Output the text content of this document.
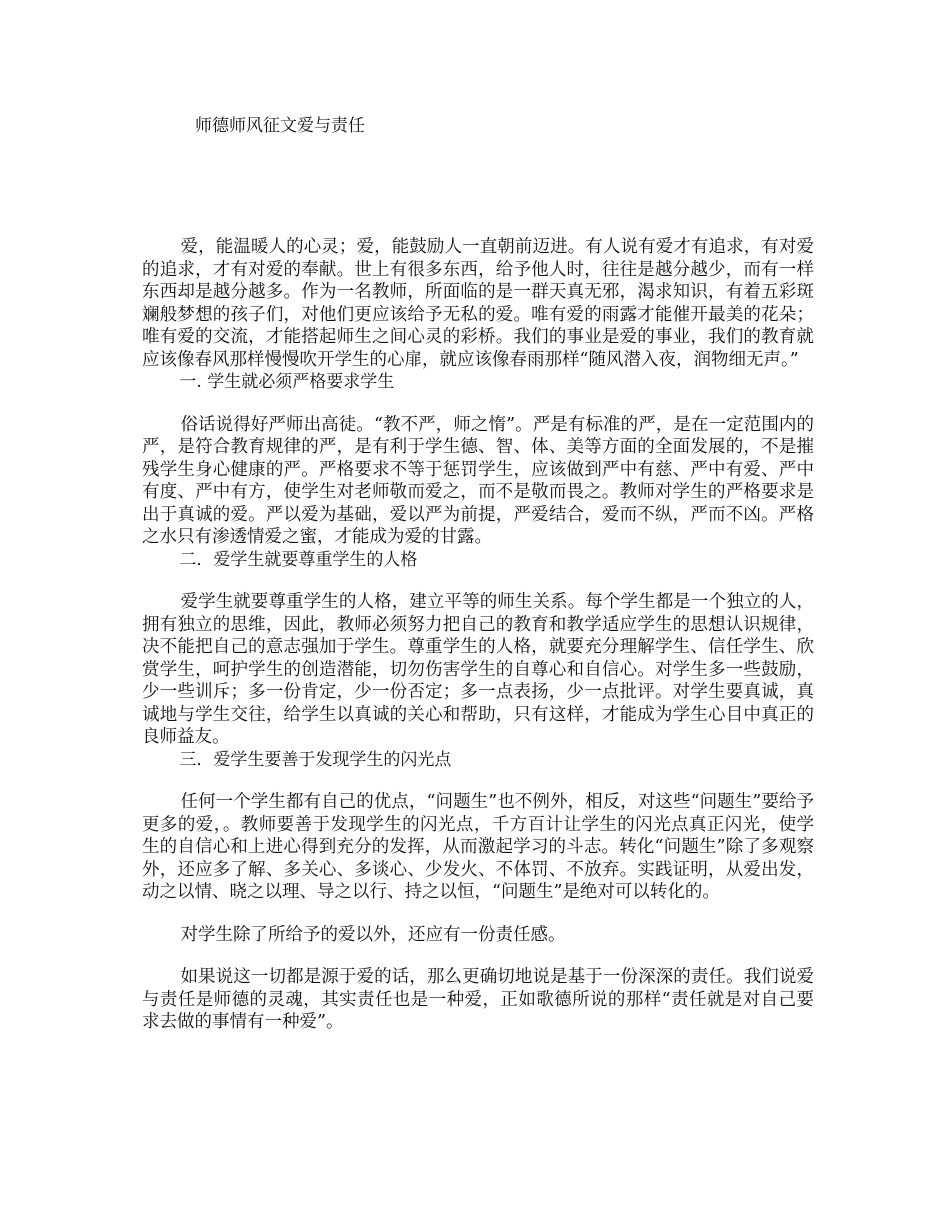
师德师风征文爱与责任

爱，能温暖人的心灵；爱，能鼓励人一直朝前迈进。有人说有爱才有追求，有对爱的追求，才有对爱的奉献。世上有很多东西，给予他人时，往往是越分越少，而有一样东西却是越分越多。作为一名教师，所面临的是一群天真无邪，渴求知识，有着五彩斑斓般梦想的孩子们，对他们更应该给予无私的爱。唯有爱的雨露才能催开最美的花朵；唯有爱的交流，才能搭起师生之间心灵的彩桥。我们的事业是爱的事业，我们的教育就应该像春风那样慢慢吹开学生的心扉，就应该像春雨那样“随风潜入夜，润物细无声。”

一. 学生就必须严格要求学生

俗话说得好严师出高徒。“教不严，师之惰”。严是有标准的严，是在一定范围内的严，是符合教育规律的严，是有利于学生德、智、体、美等方面的全面发展的，不是摧残学生身心健康的严。严格要求不等于惩罚学生，应该做到严中有慈、严中有爱、严中有度、严中有方，使学生对老师敬而爱之，而不是敬而畏之。教师对学生的严格要求是出于真诚的爱。严以爱为基础，爱以严为前提，严爱结合，爱而不纵，严而不凶。严格之水只有渗透情爱之蜜，才能成为爱的甘露。

二．爱学生就要尊重学生的人格

爱学生就要尊重学生的人格，建立平等的师生关系。每个学生都是一个独立的人，拥有独立的思维，因此，教师必须努力把自己的教育和教学适应学生的思想认识规律，决不能把自己的意志强加于学生。尊重学生的人格，就要充分理解学生、信任学生、欣赏学生，呵护学生的创造潜能，切勿伤害学生的自尊心和自信心。对学生多一些鼓励，少一些训斥；多一份肯定，少一份否定；多一点表扬，少一点批评。对学生要真诚，真诚地与学生交往，给学生以真诚的关心和帮助，只有这样，才能成为学生心目中真正的良师益友。

三．爱学生要善于发现学生的闪光点

任何一个学生都有自己的优点，“问题生”也不例外，相反，对这些“问题生”要给予更多的爱，。教师要善于发现学生的闪光点，千方百计让学生的闪光点真正闪光，使学生的自信心和上进心得到充分的发挥，从而激起学习的斗志。转化“问题生”除了多观察外，还应多了解、多关心、多谈心、少发火、不体罚、不放弃。实践证明，从爱出发，动之以情、晓之以理、导之以行、持之以恒，“问题生”是绝对可以转化的。

对学生除了所给予的爱以外，还应有一份责任感。

如果说这一切都是源于爱的话，那么更确切地说是基于一份深深的责任。我们说爱与责任是师德的灵魂，其实责任也是一种爱，正如歌德所说的那样“责任就是对自己要求去做的事情有一种爱”。
